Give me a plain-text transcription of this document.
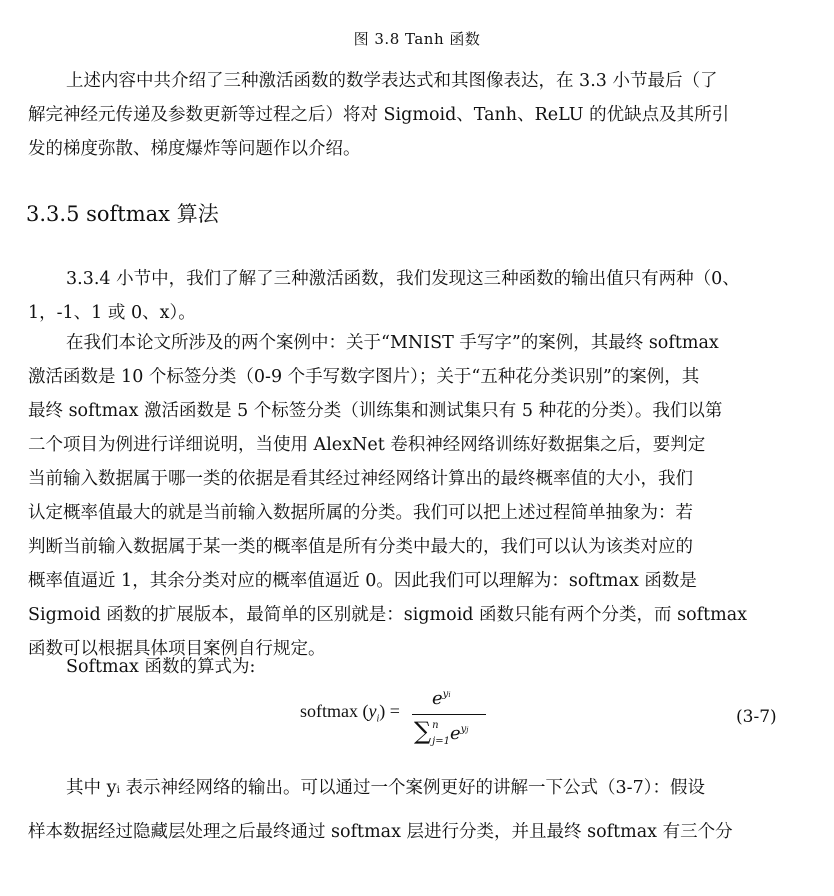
图 3.8 Tanh 函数
上述内容中共介绍了三种激活函数的数学表达式和其图像表达，在 3.3 小节最后（了
解完神经元传递及参数更新等过程之后）将对 Sigmoid、Tanh、ReLU 的优缺点及其所引
发的梯度弥散、梯度爆炸等问题作以介绍。
3.3.5 softmax 算法
3.3.4 小节中，我们了解了三种激活函数，我们发现这三种函数的输出值只有两种（0、
1，-1、1 或 0、x）。
在我们本论文所涉及的两个案例中：关于“MNIST 手写字”的案例，其最终 softmax
激活函数是 10 个标签分类（0-9 个手写数字图片）；关于“五种花分类识别”的案例，其
最终 softmax 激活函数是 5 个标签分类（训练集和测试集只有 5 种花的分类）。我们以第
二个项目为例进行详细说明，当使用 AlexNet 卷积神经网络训练好数据集之后，要判定
当前输入数据属于哪一类的依据是看其经过神经网络计算出的最终概率值的大小，我们
认定概率值最大的就是当前输入数据所属的分类。我们可以把上述过程简单抽象为：若
判断当前输入数据属于某一类的概率值是所有分类中最大的，我们可以认为该类对应的
概率值逼近 1，其余分类对应的概率值逼近 0。因此我们可以理解为：softmax 函数是
Sigmoid 函数的扩展版本，最简单的区别就是：sigmoid 函数只能有两个分类，而 softmax
函数可以根据具体项目案例自行规定。
Softmax 函数的算式为:
softmax $(y_i)$ =
$e^{yi}$
∑ n
j=1 $e^{yj}$
(3-7)
其中 yᵢ 表示神经网络的输出。可以通过一个案例更好的讲解一下公式（3-7）：假设
样本数据经过隐藏层处理之后最终通过 softmax 层进行分类，并且最终 softmax 有三个分
